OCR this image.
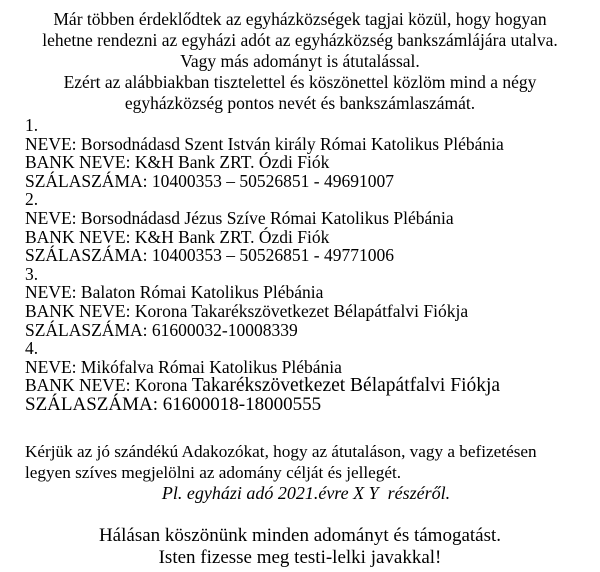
Már többen érdeklődtek az egyházközségek tagjai közül, hogy hogyan
lehetne rendezni az egyházi adót az egyházközség bankszámlájára utalva.
Vagy más adományt is átutalással.
Ezért az alábbiakban tisztelettel és köszönettel közlöm mind a négy
egyházközség pontos nevét és bankszámlaszámát.
1.
NEVE: Borsodnádasd Szent István király Római Katolikus Plébánia
BANK NEVE: K&H Bank ZRT. Ózdi Fiók
SZÁLASZÁMA: 10400353 – 50526851 - 49691007
2.
NEVE: Borsodnádasd Jézus Szíve Római Katolikus Plébánia
BANK NEVE: K&H Bank ZRT. Ózdi Fiók
SZÁLASZÁMA: 10400353 – 50526851 - 49771006
3.
NEVE: Balaton Római Katolikus Plébánia
BANK NEVE: Korona Takarékszövetkezet Bélapátfalvi Fiókja
SZÁLASZÁMA: 61600032-10008339
4.
NEVE: Mikófalva Római Katolikus Plébánia
BANK NEVE: Korona Takarékszövetkezet Bélapátfalvi Fiókja
SZÁLASZÁMA: 61600018-18000555
Kérjük az jó szándékú Adakozókat, hogy az átutaláson, vagy a befizetésen
legyen szíves megjelölni az adomány célját és jellegét.
Pl. egyházi adó 2021.évre X Y  részéről.
Hálásan köszönünk minden adományt és támogatást.
Isten fizesse meg testi-lelki javakkal!
